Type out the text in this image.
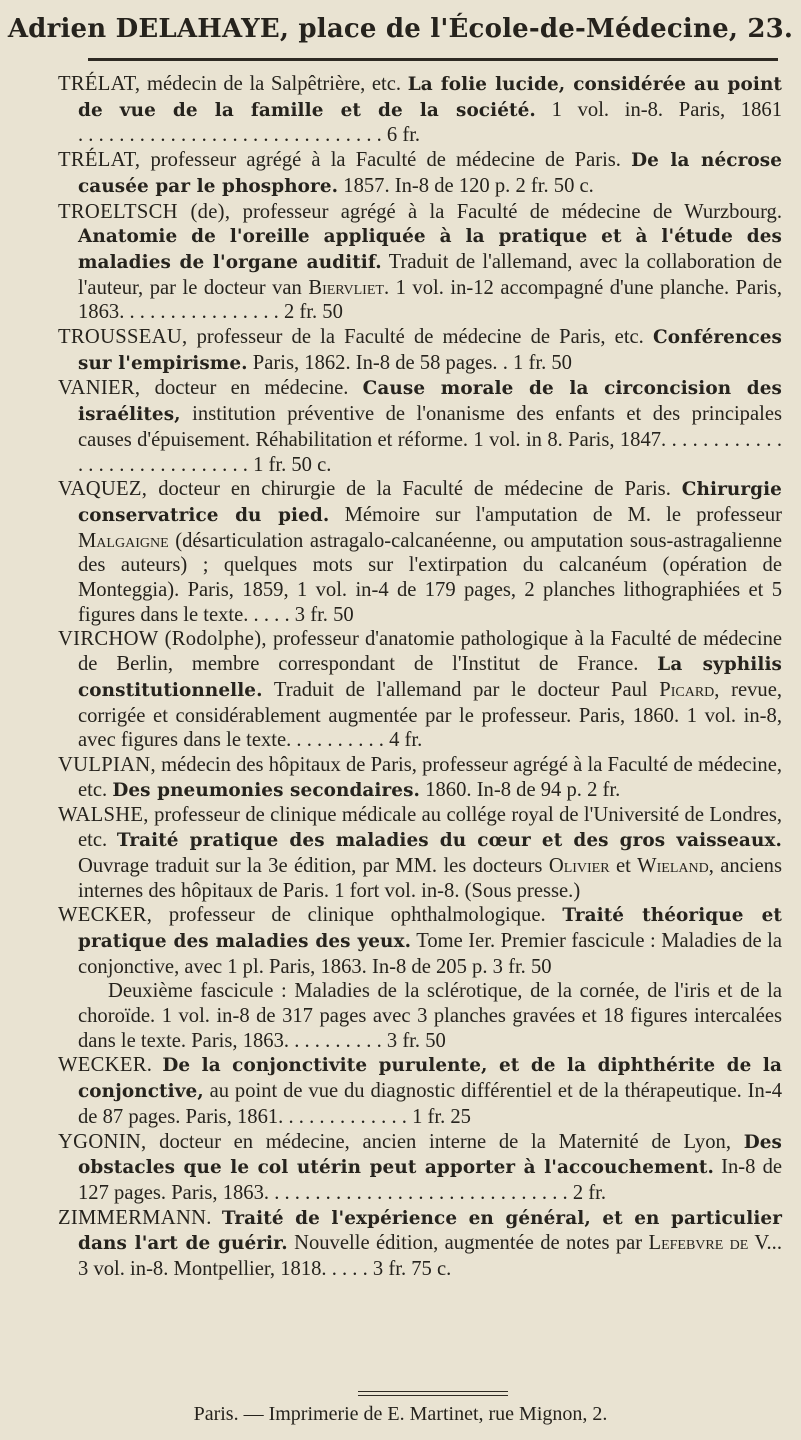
Adrien DELAHAYE, place de l'École-de-Médecine, 23.

TRÉLAT, médecin de la Salpêtrière, etc. La folie lucide, considérée au point de vue de la famille et de la société. 1 vol. in-8. Paris, 1861 . . . . . . . . . . . . . . . . . . . . . . . . . . . . . . 6 fr.

TRÉLAT, professeur agrégé à la Faculté de médecine de Paris. De la nécrose causée par le phosphore. 1857. In-8 de 120 p. 2 fr. 50 c.

TROELTSCH (de), professeur agrégé à la Faculté de médecine de Wurzbourg. Anatomie de l'oreille appliquée à la pratique et à l'étude des maladies de l'organe auditif. Traduit de l'allemand, avec la collaboration de l'auteur, par le docteur van Biervliet. 1 vol. in-12 accompagné d'une planche. Paris, 1863. . . . . . . . . . . . . . . . 2 fr. 50

TROUSSEAU, professeur de la Faculté de médecine de Paris, etc. Conférences sur l'empirisme. Paris, 1862. In-8 de 58 pages. . 1 fr. 50

VANIER, docteur en médecine. Cause morale de la circoncision des israélites, institution préventive de l'onanisme des enfants et des principales causes d'épuisement. Réhabilitation et réforme. 1 vol. in 8. Paris, 1847. . . . . . . . . . . . . . . . . . . . . . . . . . . . . 1 fr. 50 c.

VAQUEZ, docteur en chirurgie de la Faculté de médecine de Paris. Chirurgie conservatrice du pied. Mémoire sur l'amputation de M. le professeur Malgaigne (désarticulation astragalo-calcanéenne, ou amputation sous-astragalienne des auteurs) ; quelques mots sur l'extirpation du calcanéum (opération de Monteggia). Paris, 1859, 1 vol. in-4 de 179 pages, 2 planches lithographiées et 5 figures dans le texte. . . . . 3 fr. 50

VIRCHOW (Rodolphe), professeur d'anatomie pathologique à la Faculté de médecine de Berlin, membre correspondant de l'Institut de France. La syphilis constitutionnelle. Traduit de l'allemand par le docteur Paul Picard, revue, corrigée et considérablement augmentée par le professeur. Paris, 1860. 1 vol. in-8, avec figures dans le texte. . . . . . . . . . 4 fr.

VULPIAN, médecin des hôpitaux de Paris, professeur agrégé à la Faculté de médecine, etc. Des pneumonies secondaires. 1860. In-8 de 94 p. 2 fr.

WALSHE, professeur de clinique médicale au collége royal de l'Université de Londres, etc. Traité pratique des maladies du cœur et des gros vaisseaux. Ouvrage traduit sur la 3e édition, par MM. les docteurs Olivier et Wieland, anciens internes des hôpitaux de Paris. 1 fort vol. in-8. (Sous presse.)

WECKER, professeur de clinique ophthalmologique. Traité théorique et pratique des maladies des yeux. Tome Ier. Premier fascicule : Maladies de la conjonctive, avec 1 pl. Paris, 1863. In-8 de 205 p. 3 fr. 50

Deuxième fascicule : Maladies de la sclérotique, de la cornée, de l'iris et de la choroïde. 1 vol. in-8 de 317 pages avec 3 planches gravées et 18 figures intercalées dans le texte. Paris, 1863. . . . . . . . . . 3 fr. 50

WECKER. De la conjonctivite purulente, et de la diphthérite de la conjonctive, au point de vue du diagnostic différentiel et de la thérapeutique. In-4 de 87 pages. Paris, 1861. . . . . . . . . . . . . 1 fr. 25

YGONIN, docteur en médecine, ancien interne de la Maternité de Lyon, Des obstacles que le col utérin peut apporter à l'accouchement. In-8 de 127 pages. Paris, 1863. . . . . . . . . . . . . . . . . . . . . . . . . . . . . . 2 fr.

ZIMMERMANN. Traité de l'expérience en général, et en particulier dans l'art de guérir. Nouvelle édition, augmentée de notes par Lefebvre de V... 3 vol. in-8. Montpellier, 1818. . . . . 3 fr. 75 c.

Paris. — Imprimerie de E. Martinet, rue Mignon, 2.
